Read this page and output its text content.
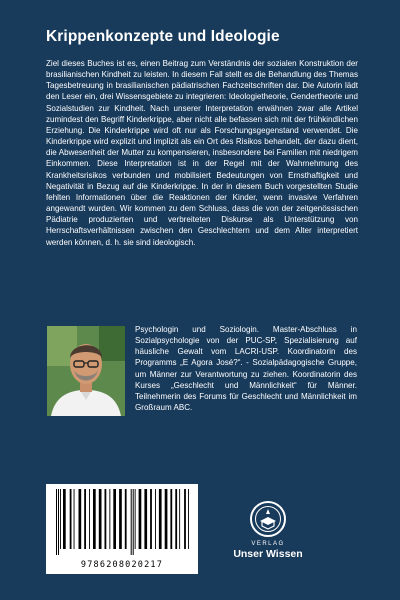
Krippenkonzepte und Ideologie

Ziel dieses Buches ist es, einen Beitrag zum Verständnis der sozialen Konstruktion der brasilianischen Kindheit zu leisten. In diesem Fall stellt es die Behandlung des Themas Tagesbetreuung in brasilianischen pädiatrischen Fachzeitschriften dar. Die Autorin lädt den Leser ein, drei Wissensgebiete zu integrieren: Ideologietheorie, Gendertheorie und Sozialstudien zur Kindheit. Nach unserer Interpretation erwähnen zwar alle Artikel zumindest den Begriff Kinderkrippe, aber nicht alle befassen sich mit der frühkindlichen Erziehung. Die Kinderkrippe wird oft nur als Forschungsgegenstand verwendet. Die Kinderkrippe wird explizit und implizit als ein Ort des Risikos behandelt, der dazu dient, die Abwesenheit der Mutter zu kompensieren, insbesondere bei Familien mit niedrigem Einkommen. Diese Interpretation ist in der Regel mit der Wahrnehmung des Krankheitsrisikos verbunden und mobilisiert Bedeutungen von Ernsthaftigkeit und Negativität in Bezug auf die Kinderkrippe. In der in diesem Buch vorgestellten Studie fehlten Informationen über die Reaktionen der Kinder, wenn invasive Verfahren angewandt wurden. Wir kommen zu dem Schluss, dass die von der zeitgenössischen Pädiatrie produzierten und verbreiteten Diskurse als Unterstützung von Herrschaftsverhältnissen zwischen den Geschlechtern und dem Alter interpretiert werden können, d. h. sie sind ideologisch.

Psychologin und Soziologin. Master-Abschluss in Sozialpsychologie von der PUC-SP, Spezialisierung auf häusliche Gewalt vom LACRI-USP. Koordinatorin des Programms „E Agora José?“. - Sozialpädagogische Gruppe, um Männer zur Verantwortung zu ziehen. Koordinatorin des Kurses „Geschlecht und Männlichkeit“ für Männer. Teilnehmerin des Forums für Geschlecht und Männlichkeit im Großraum ABC.

9786208020217
VERLAG
Unser Wissen
